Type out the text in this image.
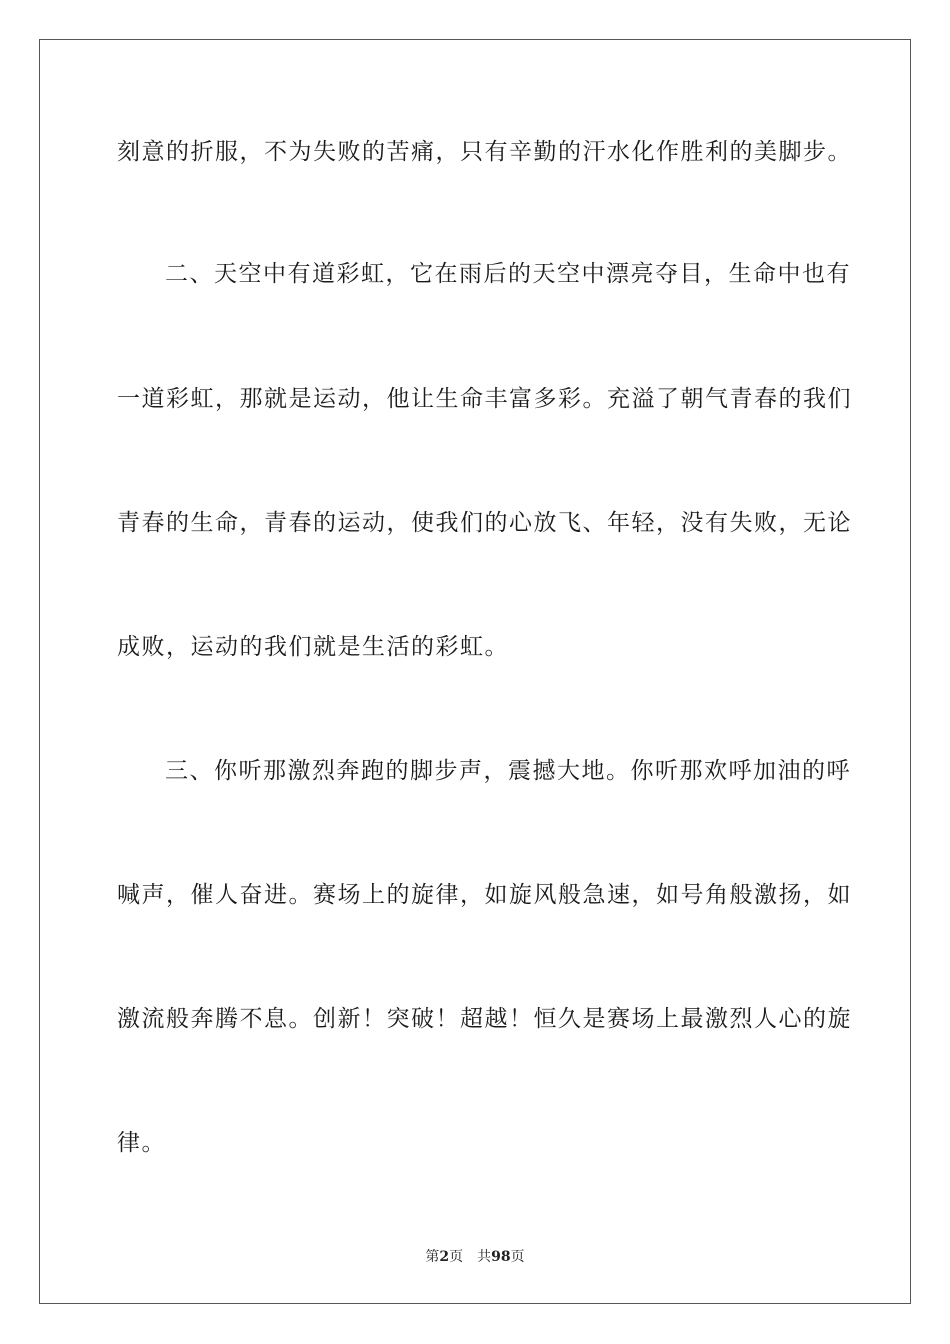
刻意的折服，不为失败的苦痛，只有辛勤的汗水化作胜利的美脚步。
二、天空中有道彩虹，它在雨后的天空中漂亮夺目，生命中也有
一道彩虹，那就是运动，他让生命丰富多彩。充溢了朝气青春的我们
青春的生命，青春的运动，使我们的心放飞、年轻，没有失败，无论
成败，运动的我们就是生活的彩虹。
三、你听那激烈奔跑的脚步声，震撼大地。你听那欢呼加油的呼
喊声，催人奋进。赛场上的旋律，如旋风般急速，如号角般激扬，如
激流般奔腾不息。创新！突破！超越！恒久是赛场上最激烈人心的旋
律。
第2页 共98页
